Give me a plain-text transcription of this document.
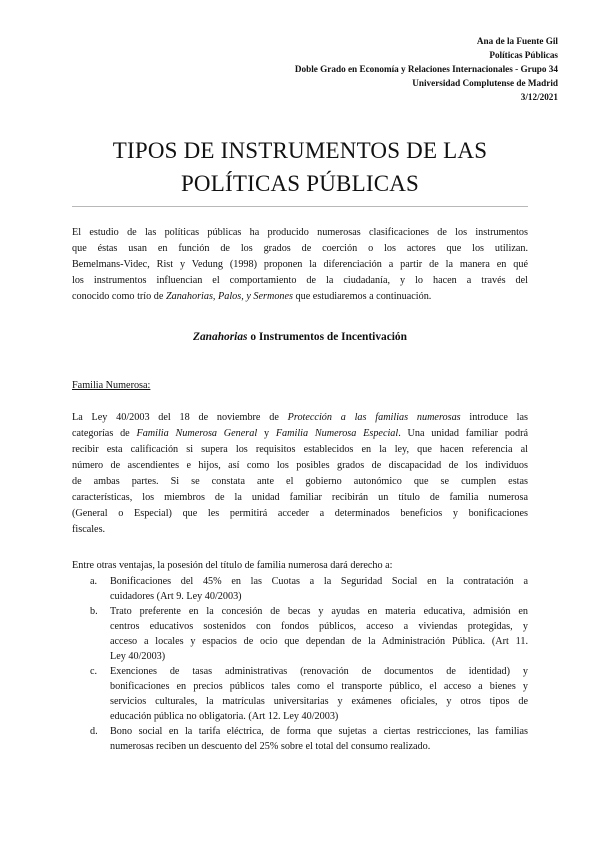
Ana de la Fuente Gil
Políticas Públicas
Doble Grado en Economía y Relaciones Internacionales - Grupo 34
Universidad Complutense de Madrid
3/12/2021
TIPOS DE INSTRUMENTOS DE LAS
POLÍTICAS PÚBLICAS
El estudio de las políticas públicas ha producido numerosas clasificaciones de los instrumentos
que éstas usan en función de los grados de coerción o los actores que los utilizan.
Bemelmans-Videc, Rist y Vedung (1998) proponen la diferenciación a partir de la manera en qué
los instrumentos influencian el comportamiento de la ciudadanía, y lo hacen a través del
conocido como trío de Zanahorias, Palos, y Sermones que estudiaremos a continuación.
Zanahorias o Instrumentos de Incentivación
Familia Numerosa:
La Ley 40/2003 del 18 de noviembre de Protección a las familias numerosas introduce las
categorías de Familia Numerosa General y Familia Numerosa Especial. Una unidad familiar podrá
recibir esta calificación si supera los requisitos establecidos en la ley, que hacen referencia al
número de ascendientes e hijos, así como los posibles grados de discapacidad de los individuos
de ambas partes. Si se constata ante el gobierno autonómico que se cumplen estas
características, los miembros de la unidad familiar recibirán un título de familia numerosa
(General o Especial) que les permitirá acceder a determinados beneficios y bonificaciones
fiscales.
Entre otras ventajas, la posesión del título de familia numerosa dará derecho a:
a. Bonificaciones del 45% en las Cuotas a la Seguridad Social en la contratación a
cuidadores (Art 9. Ley 40/2003)
b. Trato preferente en la concesión de becas y ayudas en materia educativa, admisión en
centros educativos sostenidos con fondos públicos, acceso a viviendas protegidas, y
acceso a locales y espacios de ocio que dependan de la Administración Pública. (Art 11.
Ley 40/2003)
c. Exenciones de tasas administrativas (renovación de documentos de identidad) y
bonificaciones en precios públicos tales como el transporte público, el acceso a bienes y
servicios culturales, la matrículas universitarias y exámenes oficiales, y otros tipos de
educación pública no obligatoria. (Art 12. Ley 40/2003)
d. Bono social en la tarifa eléctrica, de forma que sujetas a ciertas restricciones, las familias
numerosas reciben un descuento del 25% sobre el total del consumo realizado.
